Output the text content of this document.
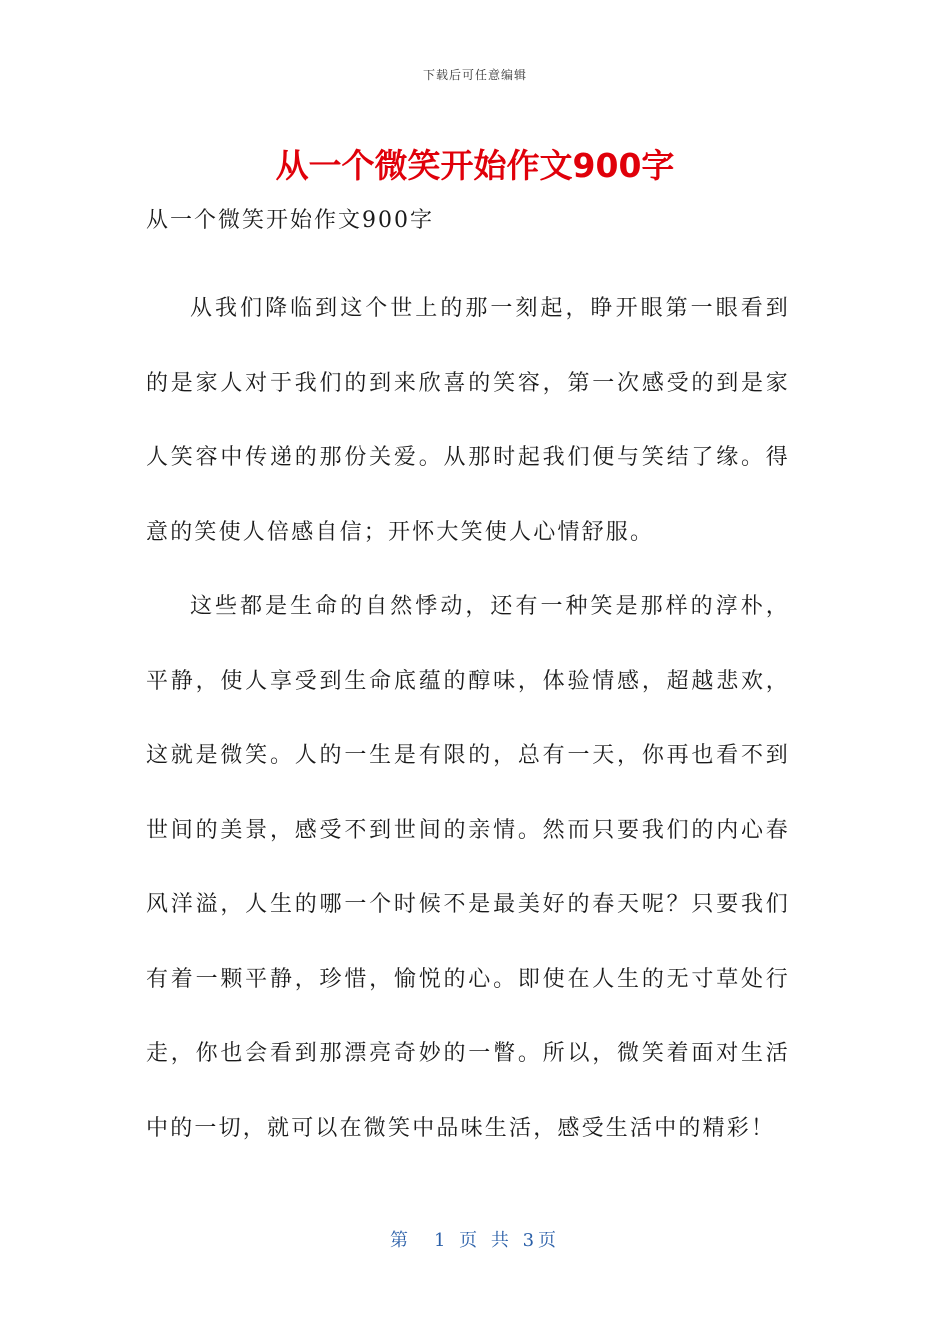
下载后可任意编辑
从一个微笑开始作文900字
从一个微笑开始作文900字

从我们降临到这个世上的那一刻起，睁开眼第一眼看到的是家人对于我们的到来欣喜的笑容，第一次感受的到是家人笑容中传递的那份关爱。从那时起我们便与笑结了缘。得意的笑使人倍感自信；开怀大笑使人心情舒服。

这些都是生命的自然悸动，还有一种笑是那样的淳朴，平静，使人享受到生命底蕴的醇味，体验情感，超越悲欢，这就是微笑。人的一生是有限的，总有一天，你再也看不到世间的美景，感受不到世间的亲情。然而只要我们的内心春风洋溢，人生的哪一个时候不是最美好的春天呢？只要我们有着一颗平静，珍惜，愉悦的心。即使在人生的无寸草处行走，你也会看到那漂亮奇妙的一瞥。所以，微笑着面对生活中的一切，就可以在微笑中品味生活，感受生活中的精彩！

第　1 页 共 3页
